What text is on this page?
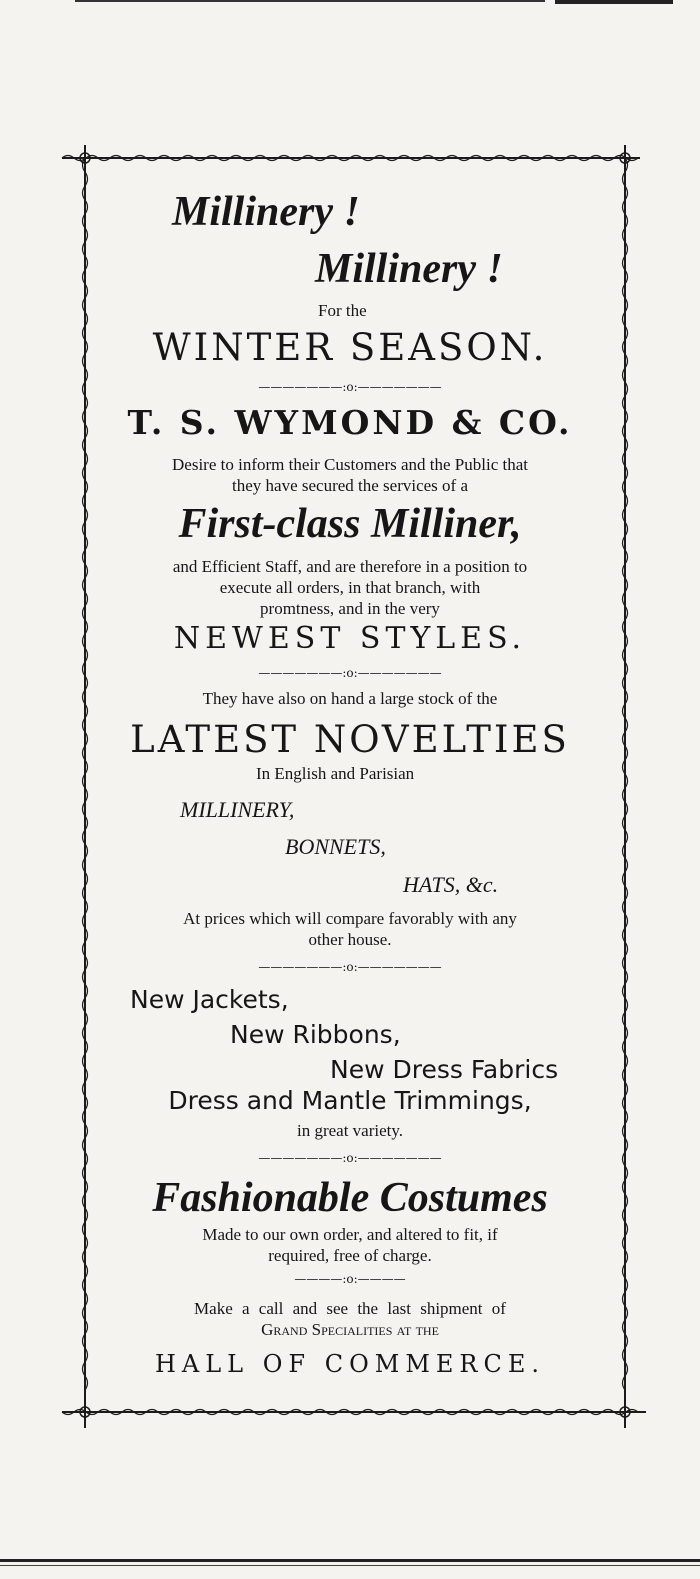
Millinery !
Millinery !
For the
WINTER SEASON.
———————:o:———————
T. S. WYMOND & CO.
Desire to inform their Customers and the Public that
they have secured the services of a
First-class Milliner,
and Efficient Staff, and are therefore in a position to
execute all orders, in that branch, with
promtness, and in the very
NEWEST STYLES.
———————:o:———————
They have also on hand a large stock of the
LATEST NOVELTIES
In English and Parisian
MILLINERY,
BONNETS,
HATS, &c.
At prices which will compare favorably with any
other house.
———————:o:———————
New Jackets,
New Ribbons,
New Dress Fabrics
Dress and Mantle Trimmings,
in great variety.
———————:o:———————
Fashionable Costumes
Made to our own order, and altered to fit, if
required, free of charge.
————:o:————
Make a call and see the last shipment of
Grand Specialities at the
HALL OF COMMERCE.
